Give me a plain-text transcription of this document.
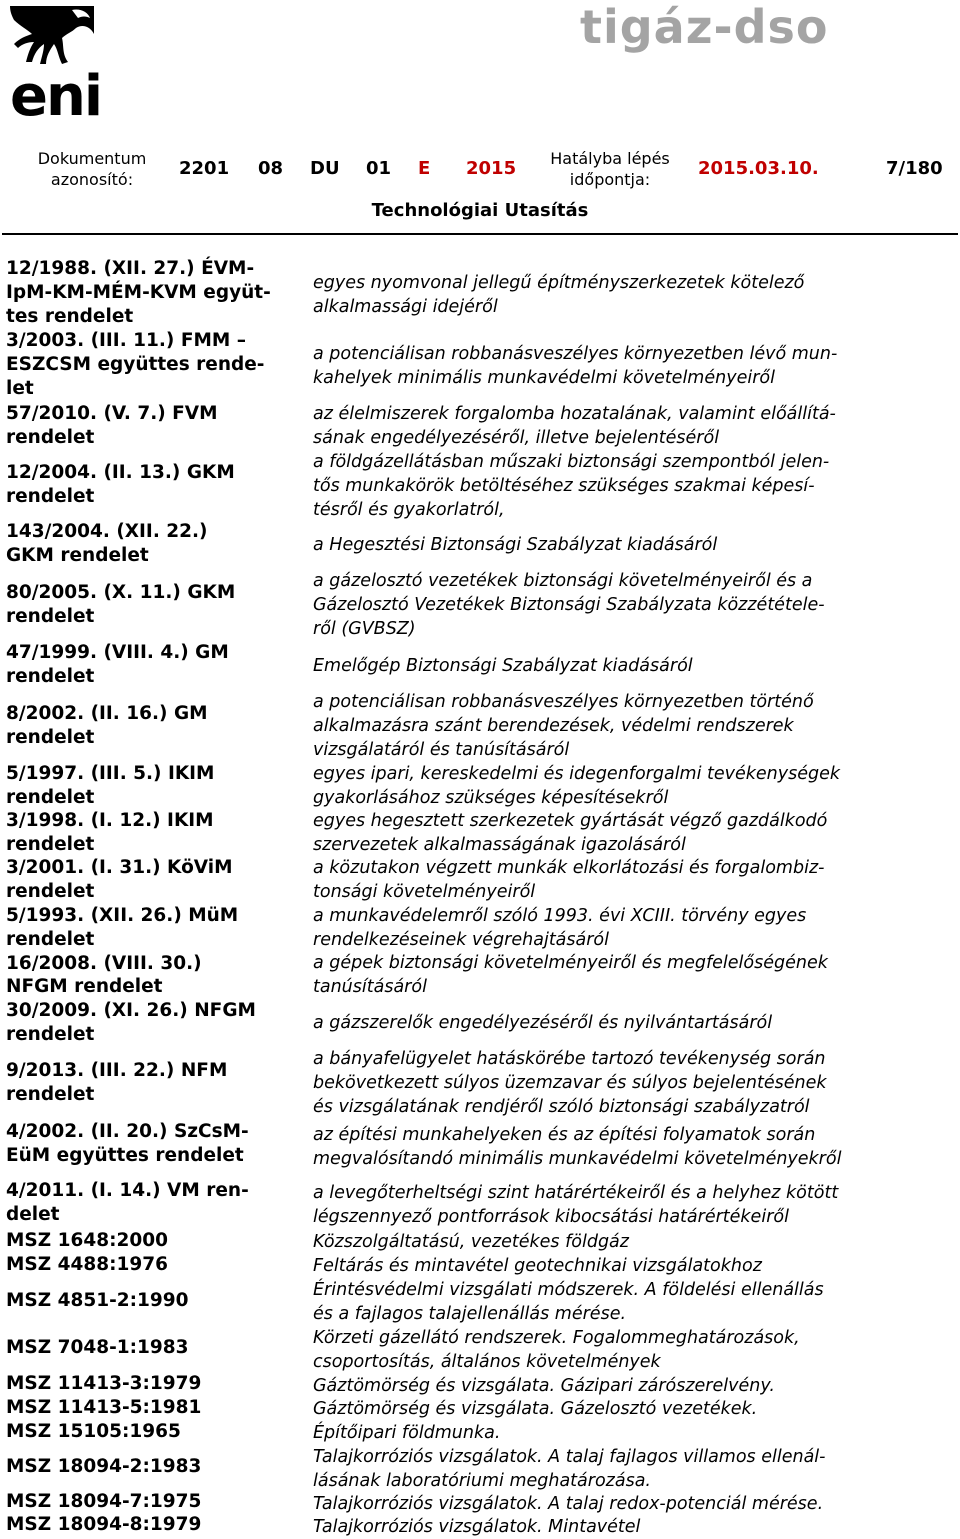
eni
tigáz-dso
Dokumentum
azonosító:
2201 08 DU 01 E 2015	Hatályba lépés
időpontja:
2015.03.10.	7/180
Technológiai Utasítás
12/1988. (XII. 27.) ÉVM-
IpM-KM-MÉM-KVM együt-
tes rendelet
3/2003. (III. 11.) FMM –
ESZCSM együttes rende-
let
57/2010. (V. 7.) FVM
rendelet
12/2004. (II. 13.) GKM
rendelet
143/2004. (XII. 22.)
GKM rendelet
80/2005. (X. 11.) GKM
rendelet
47/1999. (VIII. 4.) GM
rendelet
8/2002. (II. 16.) GM
rendelet
5/1997. (III. 5.) IKIM
rendelet
3/1998. (I. 12.) IKIM
rendelet
3/2001. (I. 31.) KöViM
rendelet
5/1993. (XII. 26.) MüM
rendelet
16/2008. (VIII. 30.)
NFGM rendelet
30/2009. (XI. 26.) NFGM
rendelet
9/2013. (III. 22.) NFM
rendelet
4/2002. (II. 20.) SzCsM-
EüM együttes rendelet
4/2011. (I. 14.) VM ren-
delet
MSZ 1648:2000
MSZ 4488:1976
MSZ 4851-2:1990
MSZ 7048-1:1983
MSZ 11413-3:1979
MSZ 11413-5:1981
MSZ 15105:1965
MSZ 18094-2:1983
MSZ 18094-7:1975
MSZ 18094-8:1979
egyes nyomvonal jellegű építményszerkezetek kötelező
alkalmassági idejéről
a potenciálisan robbanásveszélyes környezetben lévő mun-
kahelyek minimális munkavédelmi követelményeiről
az élelmiszerek forgalomba hozatalának, valamint előállítá-
sának engedélyezéséről, illetve bejelentéséről
a földgázellátásban műszaki biztonsági szempontból jelen-
tős munkakörök betöltéséhez szükséges szakmai képesí-
tésről és gyakorlatról,
a Hegesztési Biztonsági Szabályzat kiadásáról
a gázelosztó vezetékek biztonsági követelményeiről és a
Gázelosztó Vezetékek Biztonsági Szabályzata közzététele-
ről (GVBSZ)
Emelőgép Biztonsági Szabályzat kiadásáról
a potenciálisan robbanásveszélyes környezetben történő
alkalmazásra szánt berendezések, védelmi rendszerek
vizsgálatáról és tanúsításáról
egyes ipari, kereskedelmi és idegenforgalmi tevékenységek
gyakorlásához szükséges képesítésekről
egyes hegesztett szerkezetek gyártását végző gazdálkodó
szervezetek alkalmasságának igazolásáról
a közutakon végzett munkák elkorlátozási és forgalombiz-
tonsági követelményeiről
a munkavédelemről szóló 1993. évi XCIII. törvény egyes
rendelkezéseinek végrehajtásáról
a gépek biztonsági követelményeiről és megfelelőségének
tanúsításáról
a gázszerelők engedélyezéséről és nyilvántartásáról
a bányafelügyelet hatáskörébe tartozó tevékenység során
bekövetkezett súlyos üzemzavar és súlyos bejelentésének
és vizsgálatának rendjéről szóló biztonsági szabályzatról
az építési munkahelyeken és az építési folyamatok során
megvalósítandó minimális munkavédelmi követelményekről
a levegőterheltségi szint határértékeiről és a helyhez kötött
légszennyező pontforrások kibocsátási határértékeiről
Közszolgáltatású, vezetékes földgáz
Feltárás és mintavétel geotechnikai vizsgálatokhoz
Érintésvédelmi vizsgálati módszerek. A földelési ellenállás
és a fajlagos talajellenállás mérése.
Körzeti gázellátó rendszerek. Fogalommeghatározások,
csoportosítás, általános követelmények
Gáztömörség és vizsgálata. Gázipari zárószerelvény.
Gáztömörség és vizsgálata. Gázelosztó vezetékek.
Építőipari földmunka.
Talajkorróziós vizsgálatok. A talaj fajlagos villamos ellenál-
lásának laboratóriumi meghatározása.
Talajkorróziós vizsgálatok. A talaj redox-potenciál mérése.
Talajkorróziós vizsgálatok. Mintavétel
